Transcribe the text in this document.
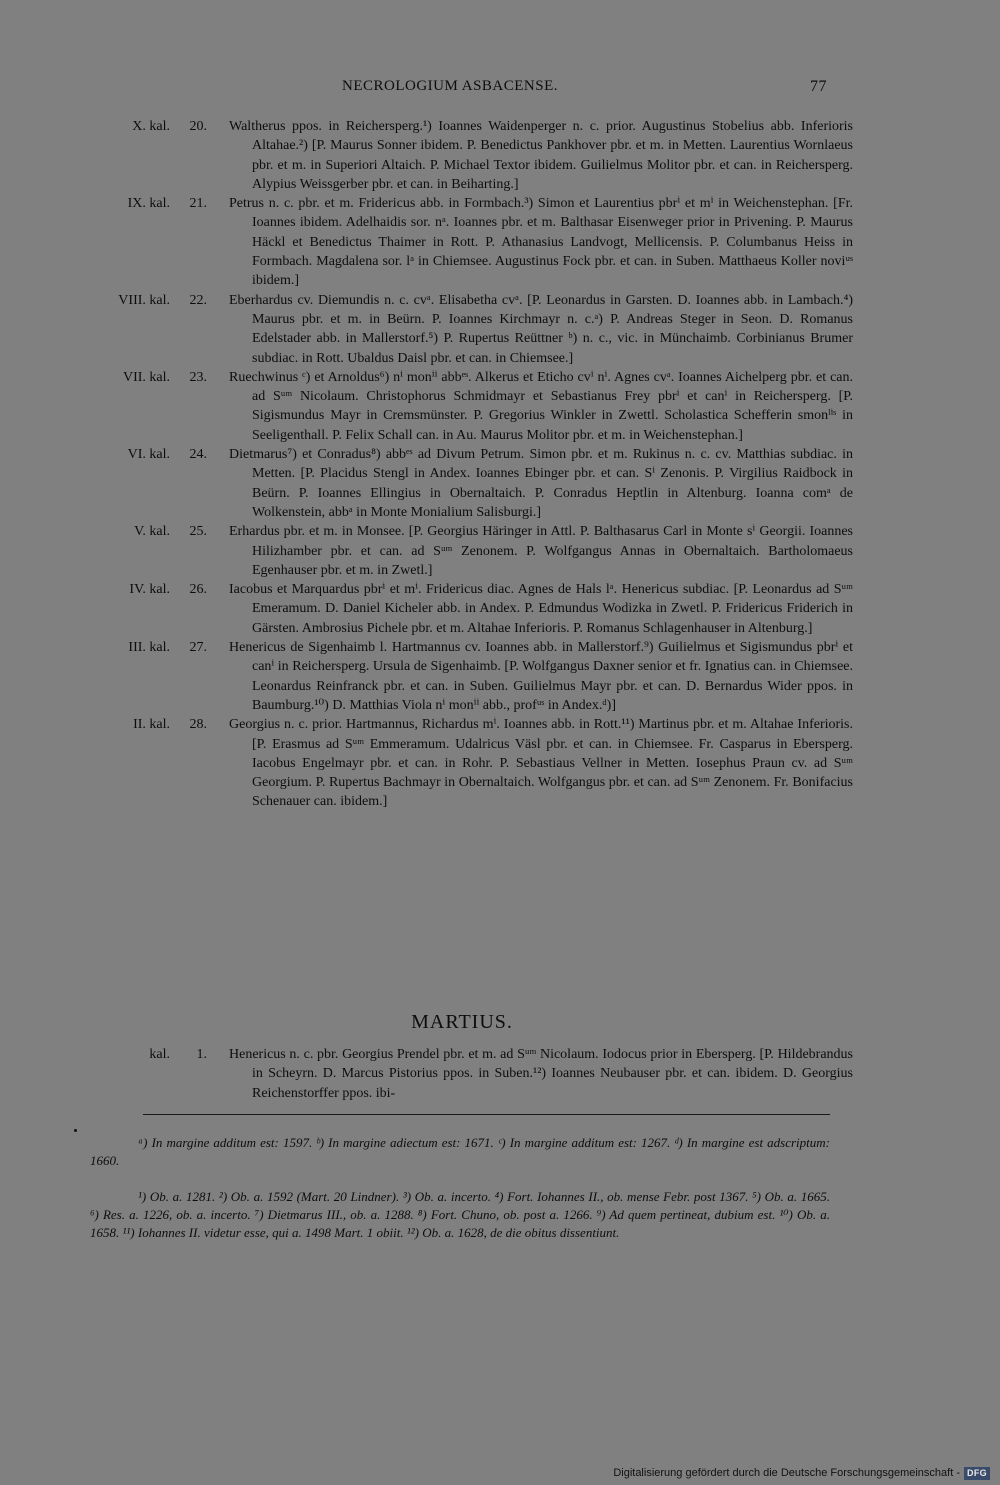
NECROLOGIUM ASBACENSE.	77
X. kal.	20. Waltherus ppos. in Reichersperg.¹) Ioannes Waidenperger n. c. prior. Augustinus Stobelius abb. Inferioris Altahae.²) [P. Maurus Sonner ibidem. P. Benedictus Pankhover pbr. et m. in Metten. Laurentius Wornlaeus pbr. et m. in Superiori Altaich. P. Michael Textor ibidem. Guilielmus Molitor pbr. et can. in Reichersperg. Alypius Weissgerber pbr. et can. in Beiharting.]
IX. kal.	21. Petrus n. c. pbr. et m. Fridericus abb. in Formbach.³) Simon et Laurentius pbrⁱ et mⁱ in Weichenstephan. [Fr. Ioannes ibidem. Adelhaidis sor. nᵃ. Ioannes pbr. et m. Balthasar Eisenweger prior in Privening. P. Maurus Häckl et Benedictus Thaimer in Rott. P. Athanasius Landvogt, Mellicensis. P. Columbanus Heiss in Formbach. Magdalena sor. lᵃ in Chiemsee. Augustinus Fock pbr. et can. in Suben. Matthaeus Koller noviᵘˢ ibidem.]
VIII. kal.	22. Eberhardus cv. Diemundis n. c. cvᵃ. Elisabetha cvᵃ. [P. Leonardus in Garsten. D. Ioannes abb. in Lambach.⁴) Maurus pbr. et m. in Beürn. P. Ioannes Kirchmayr n. c.ᵃ) P. Andreas Steger in Seon. D. Romanus Edelstader abb. in Mallerstorf.⁵) P. Rupertus Reüttner ᵇ) n. c., vic. in Münchaimb. Corbinianus Brumer subdiac. in Rott. Ubaldus Daisl pbr. et can. in Chiemsee.]
VII. kal.	23. Ruechwinus ᶜ) et Arnoldus⁶) nⁱ monⁱⁱ abbᵉˢ. Alkerus et Eticho cvⁱ nⁱ. Agnes cvᵃ. Ioannes Aichelperg pbr. et can. ad Sᵘᵐ Nicolaum. Christophorus Schmidmayr et Sebastianus Frey pbrⁱ et canⁱ in Reichersperg. [P. Sigismundus Mayr in Cremsmünster. P. Gregorius Winkler in Zwettl. Scholastica Schefferin smonˡⁱˢ in Seeligenthall. P. Felix Schall can. in Au. Maurus Molitor pbr. et m. in Weichenstephan.]
VI. kal.	24. Dietmarus⁷) et Conradus⁸) abbᵉˢ ad Divum Petrum. Simon pbr. et m. Rukinus n. c. cv. Matthias subdiac. in Metten. [P. Placidus Stengl in Andex. Ioannes Ebinger pbr. et can. Sⁱ Zenonis. P. Virgilius Raidbock in Beürn. P. Ioannes Ellingius in Obernaltaich. P. Conradus Heptlin in Altenburg. Ioanna comᵃ de Wolkenstein, abbᵃ in Monte Monialium Salisburgi.]
V. kal.	25. Erhardus pbr. et m. in Monsee. [P. Georgius Häringer in Attl. P. Balthasarus Carl in Monte sⁱ Georgii. Ioannes Hilizhamber pbr. et can. ad Sᵘᵐ Zenonem. P. Wolfgangus Annas in Obernaltaich. Bartholomaeus Egenhauser pbr. et m. in Zwetl.]
IV. kal.	26. Iacobus et Marquardus pbrⁱ et mⁱ. Fridericus diac. Agnes de Hals lᵃ. Henericus subdiac. [P. Leonardus ad Sᵘᵐ Emeramum. D. Daniel Kicheler abb. in Andex. P. Edmundus Wodizka in Zwetl. P. Fridericus Friderich in Gärsten. Ambrosius Pichele pbr. et m. Altahae Inferioris. P. Romanus Schlagenhauser in Altenburg.]
III. kal.	27. Henericus de Sigenhaimb l. Hartmannus cv. Ioannes abb. in Mallerstorf.⁹) Guilielmus et Sigismundus pbrⁱ et canⁱ in Reichersperg. Ursula de Sigenhaimb. [P. Wolfgangus Daxner senior et fr. Ignatius can. in Chiemsee. Leonardus Reinfranck pbr. et can. in Suben. Guilielmus Mayr pbr. et can. D. Bernardus Wider ppos. in Baumburg.¹⁰) D. Matthias Viola nⁱ monⁱⁱ abb., profᵘˢ in Andex.ᵈ)]
II. kal.	28. Georgius n. c. prior. Hartmannus, Richardus mⁱ. Ioannes abb. in Rott.¹¹) Martinus pbr. et m. Altahae Inferioris. [P. Erasmus ad Sᵘᵐ Emmeramum. Udalricus Väsl pbr. et can. in Chiemsee. Fr. Casparus in Ebersperg. Iacobus Engelmayr pbr. et can. in Rohr. P. Sebastiaus Vellner in Metten. Iosephus Praun cv. ad Sᵘᵐ Georgium. P. Rupertus Bachmayr in Obernaltaich. Wolfgangus pbr. et can. ad Sᵘᵐ Zenonem. Fr. Bonifacius Schenauer can. ibidem.]
MARTIUS.
kal.	1. Henericus n. c. pbr. Georgius Prendel pbr. et m. ad Sᵘᵐ Nicolaum. Iodocus prior in Ebersperg. [P. Hildebrandus in Scheyrn. D. Marcus Pistorius ppos. in Suben.¹²) Ioannes Neubauser pbr. et can. ibidem. D. Georgius Reichenstorffer ppos. ibi-
ᵃ) In margine additum est: 1597. ᵇ) In margine adiectum est: 1671. ᶜ) In margine additum est: 1267. ᵈ) In margine est adscriptum: 1660.
¹) Ob. a. 1281. ²) Ob. a. 1592 (Mart. 20 Lindner). ³) Ob. a. incerto. ⁴) Fort. Iohannes II., ob. mense Febr. post 1367. ⁵) Ob. a. 1665. ⁶) Res. a. 1226, ob. a. incerto. ⁷) Dietmarus III., ob. a. 1288. ⁸) Fort. Chuno, ob. post a. 1266. ⁹) Ad quem pertineat, dubium est. ¹⁰) Ob. a. 1658. ¹¹) Iohannes II. videtur esse, qui a. 1498 Mart. 1 obiit. ¹²) Ob. a. 1628, de die obitus dissentiunt.
Digitalisierung gefördert durch die Deutsche Forschungsgemeinschaft - DFG
